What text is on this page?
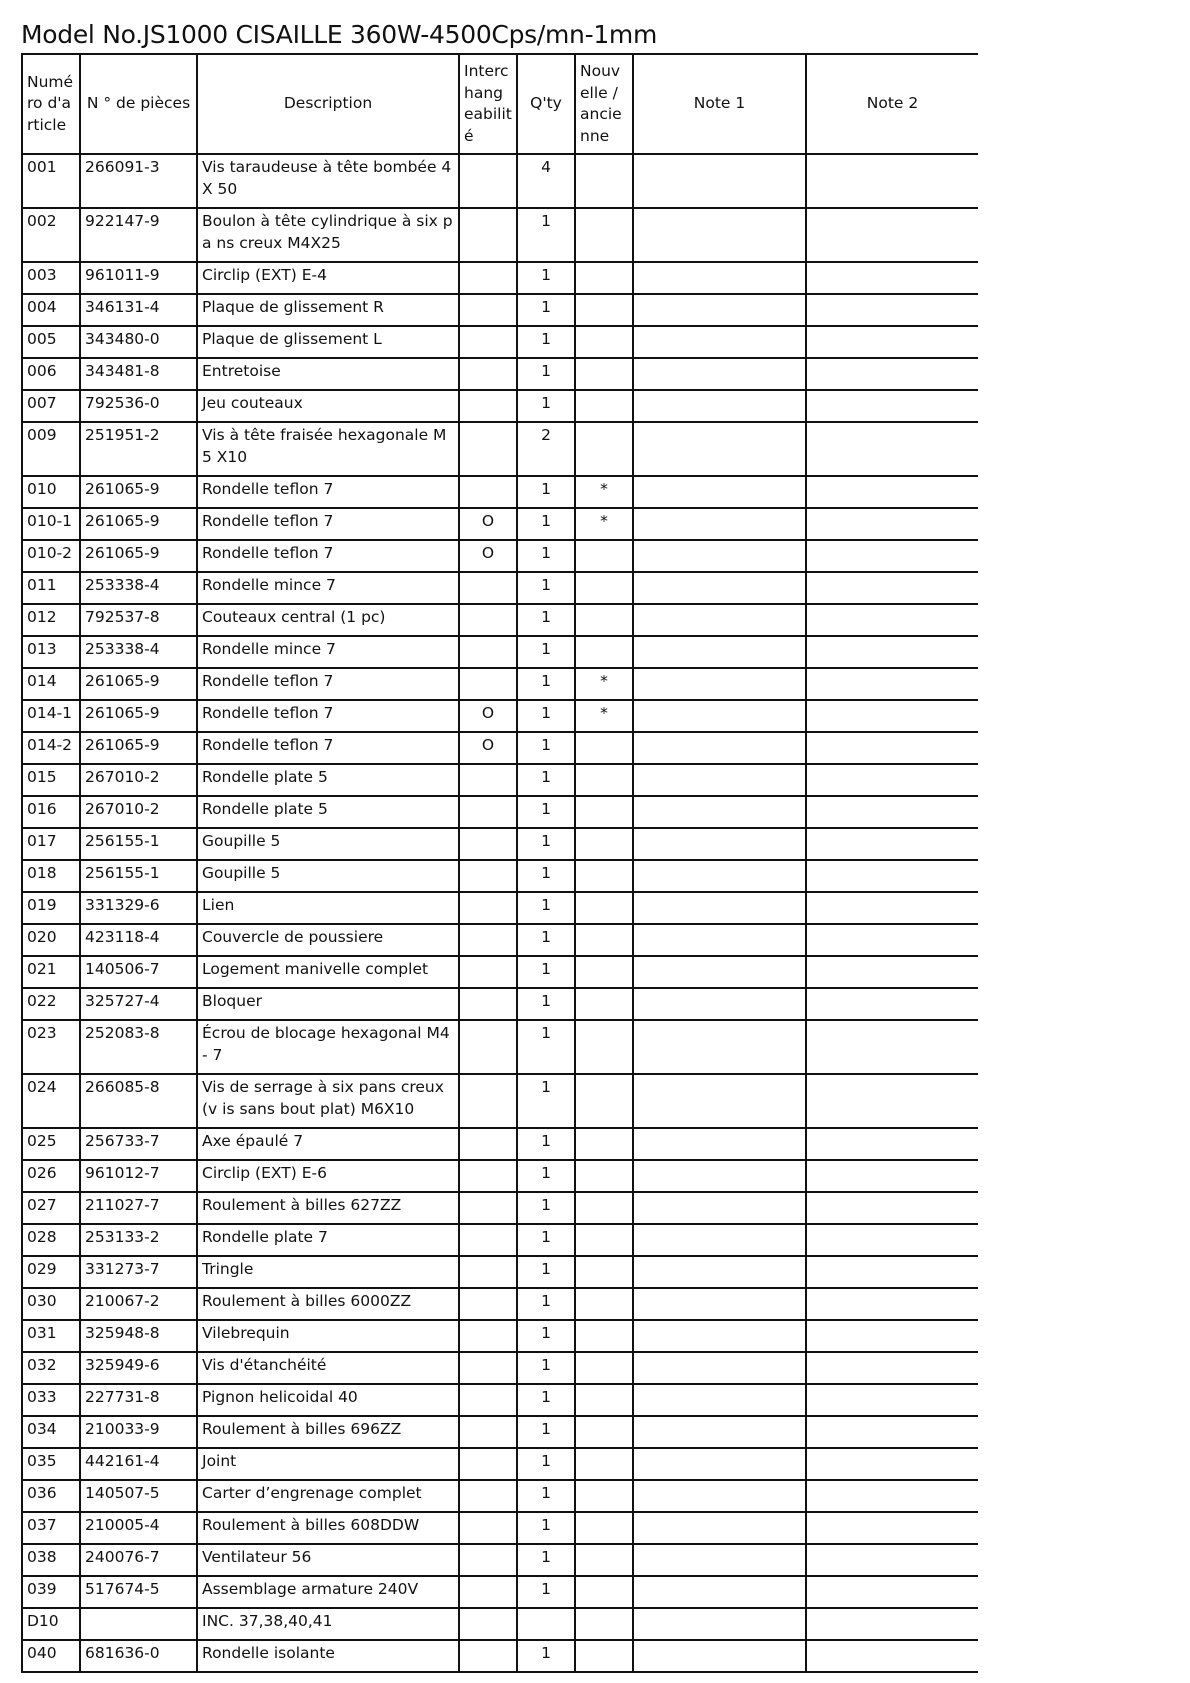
Model No.JS1000 CISAILLE 360W-4500Cps/mn-1mm
Numé ro d'a rticle	N ° de pièces	Description	Interc hang eabilit é	Q'ty	Nouv elle / ancie nne	Note 1	Note 2
001	266091-3	Vis taraudeuse à tête bombée 4X 50		4			
002	922147-9	Boulon à tête cylindrique à six pa ns creux M4X25		1			
003	961011-9	Circlip (EXT) E-4		1			
004	346131-4	Plaque de glissement R		1			
005	343480-0	Plaque de glissement L		1			
006	343481-8	Entretoise		1			
007	792536-0	Jeu couteaux		1			
009	251951-2	Vis à tête fraisée hexagonale M5 X10		2			
010	261065-9	Rondelle teflon 7		1	*		
010-1	261065-9	Rondelle teflon 7	O	1	*		
010-2	261065-9	Rondelle teflon 7	O	1			
011	253338-4	Rondelle mince 7		1			
012	792537-8	Couteaux central (1 pc)		1			
013	253338-4	Rondelle mince 7		1			
014	261065-9	Rondelle teflon 7		1	*		
014-1	261065-9	Rondelle teflon 7	O	1	*		
014-2	261065-9	Rondelle teflon 7	O	1			
015	267010-2	Rondelle plate 5		1			
016	267010-2	Rondelle plate 5		1			
017	256155-1	Goupille 5		1			
018	256155-1	Goupille 5		1			
019	331329-6	Lien		1			
020	423118-4	Couvercle de poussiere		1			
021	140506-7	Logement manivelle complet		1			
022	325727-4	Bloquer		1			
023	252083-8	Écrou de blocage hexagonal M4- 7		1			
024	266085-8	Vis de serrage à six pans creux (v is sans bout plat) M6X10		1			
025	256733-7	Axe épaulé 7		1			
026	961012-7	Circlip (EXT) E-6		1			
027	211027-7	Roulement à billes 627ZZ		1			
028	253133-2	Rondelle plate 7		1			
029	331273-7	Tringle		1			
030	210067-2	Roulement à billes 6000ZZ		1			
031	325948-8	Vilebrequin		1			
032	325949-6	Vis d'étanchéité		1			
033	227731-8	Pignon helicoidal 40		1			
034	210033-9	Roulement à billes 696ZZ		1			
035	442161-4	Joint		1			
036	140507-5	Carter d’engrenage complet		1			
037	210005-4	Roulement à billes 608DDW		1			
038	240076-7	Ventilateur 56		1			
039	517674-5	Assemblage armature 240V		1			
D10		INC. 37,38,40,41					
040	681636-0	Rondelle isolante		1			
